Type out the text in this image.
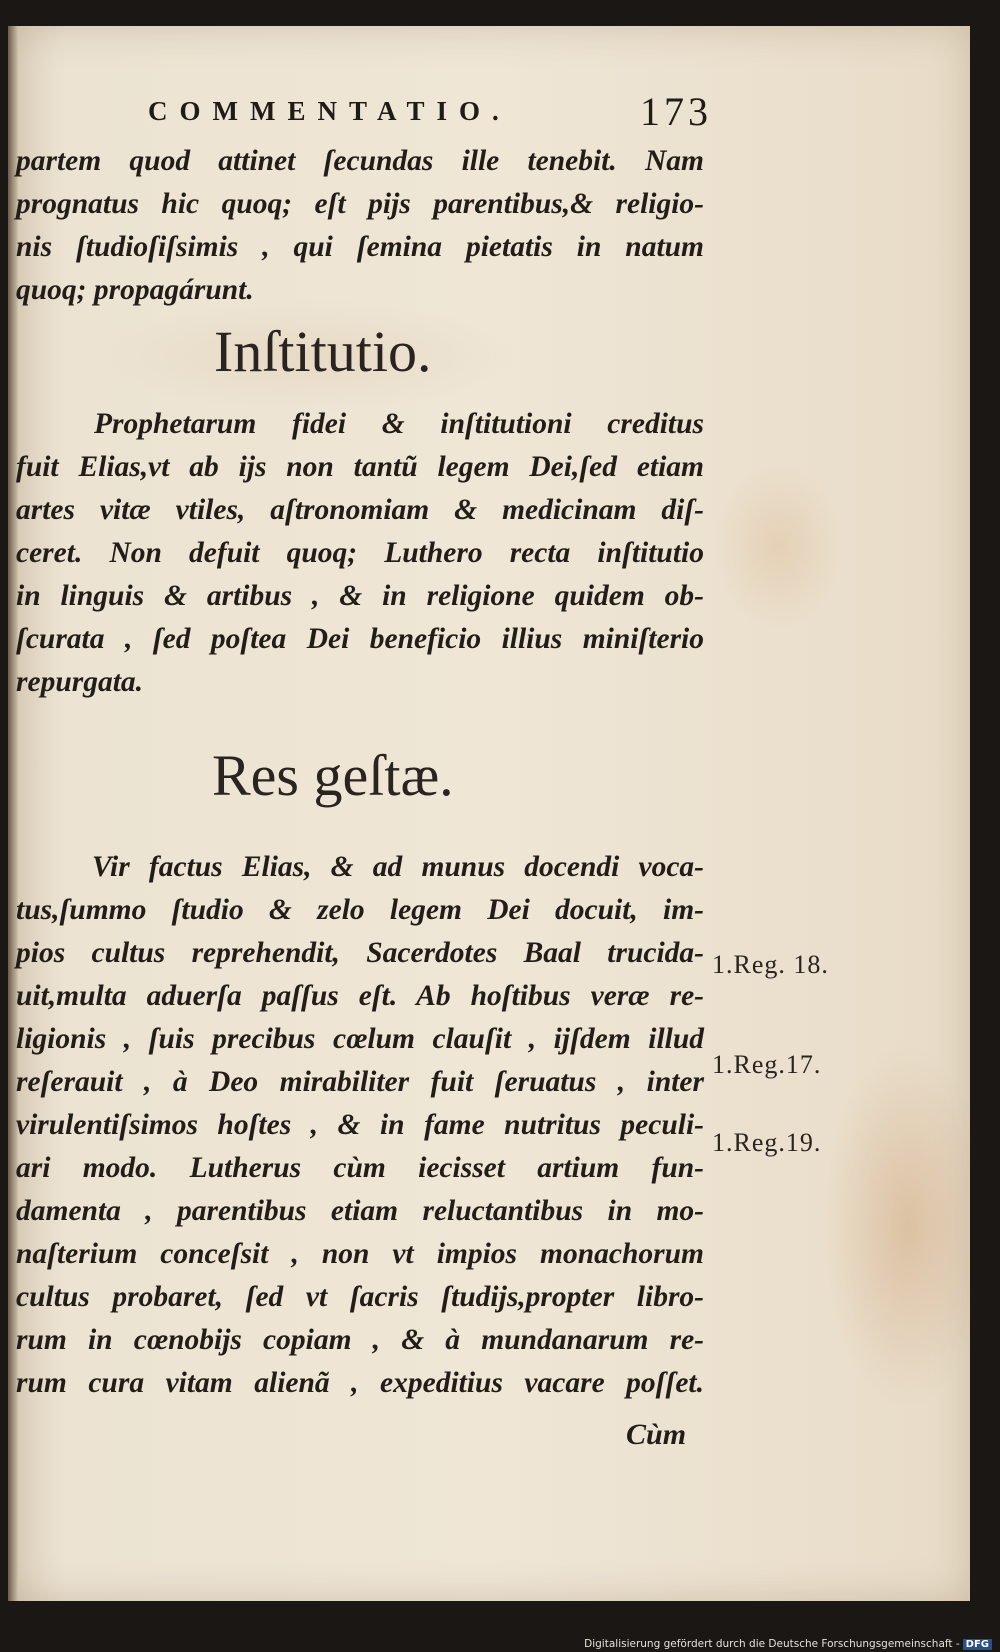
COMMENTATIO.	173
partem quod attinet ſecundas ille tenebit. Nam
prognatus hic quoq; eſt pijs parentibus,& religio-
nis ſtudioſiſsimis , qui ſemina pietatis in natum
quoq; propagárunt.
Inſtitutio.
Prophetarum fidei & inſtitutioni creditus
fuit Elias,vt ab ijs non tantũ legem Dei,ſed etiam
artes vitæ vtiles, aſtronomiam & medicinam diſ-
ceret. Non defuit quoq; Luthero recta inſtitutio
in linguis & artibus , & in religione quidem ob-
ſcurata , ſed poſtea Dei beneficio illius miniſterio
repurgata.
Res geſtæ.
Vir factus Elias, & ad munus docendi voca-
tus,ſummo ſtudio & zelo legem Dei docuit, im-
pios cultus reprehendit, Sacerdotes Baal trucida-
uit,multa aduerſa paſſus eſt. Ab hoſtibus veræ re-
ligionis , ſuis precibus cœlum clauſit , ijſdem illud
reſerauit , à Deo mirabiliter fuit ſeruatus , inter
virulentiſsimos hoſtes , & in fame nutritus peculi-
ari modo. Lutherus cùm iecisset artium fun-
damenta , parentibus etiam reluctantibus in mo-
naſterium conceſsit , non vt impios monachorum
cultus probaret, ſed vt ſacris ſtudijs,propter libro-
rum in cœnobijs copiam , & à mundanarum re-
rum cura vitam alienã , expeditius vacare poſſet.
1.Reg. 18.
1.Reg.17.
1.Reg.19.
Cùm
Digitalisierung gefördert durch die Deutsche Forschungsgemeinschaft - DFG
